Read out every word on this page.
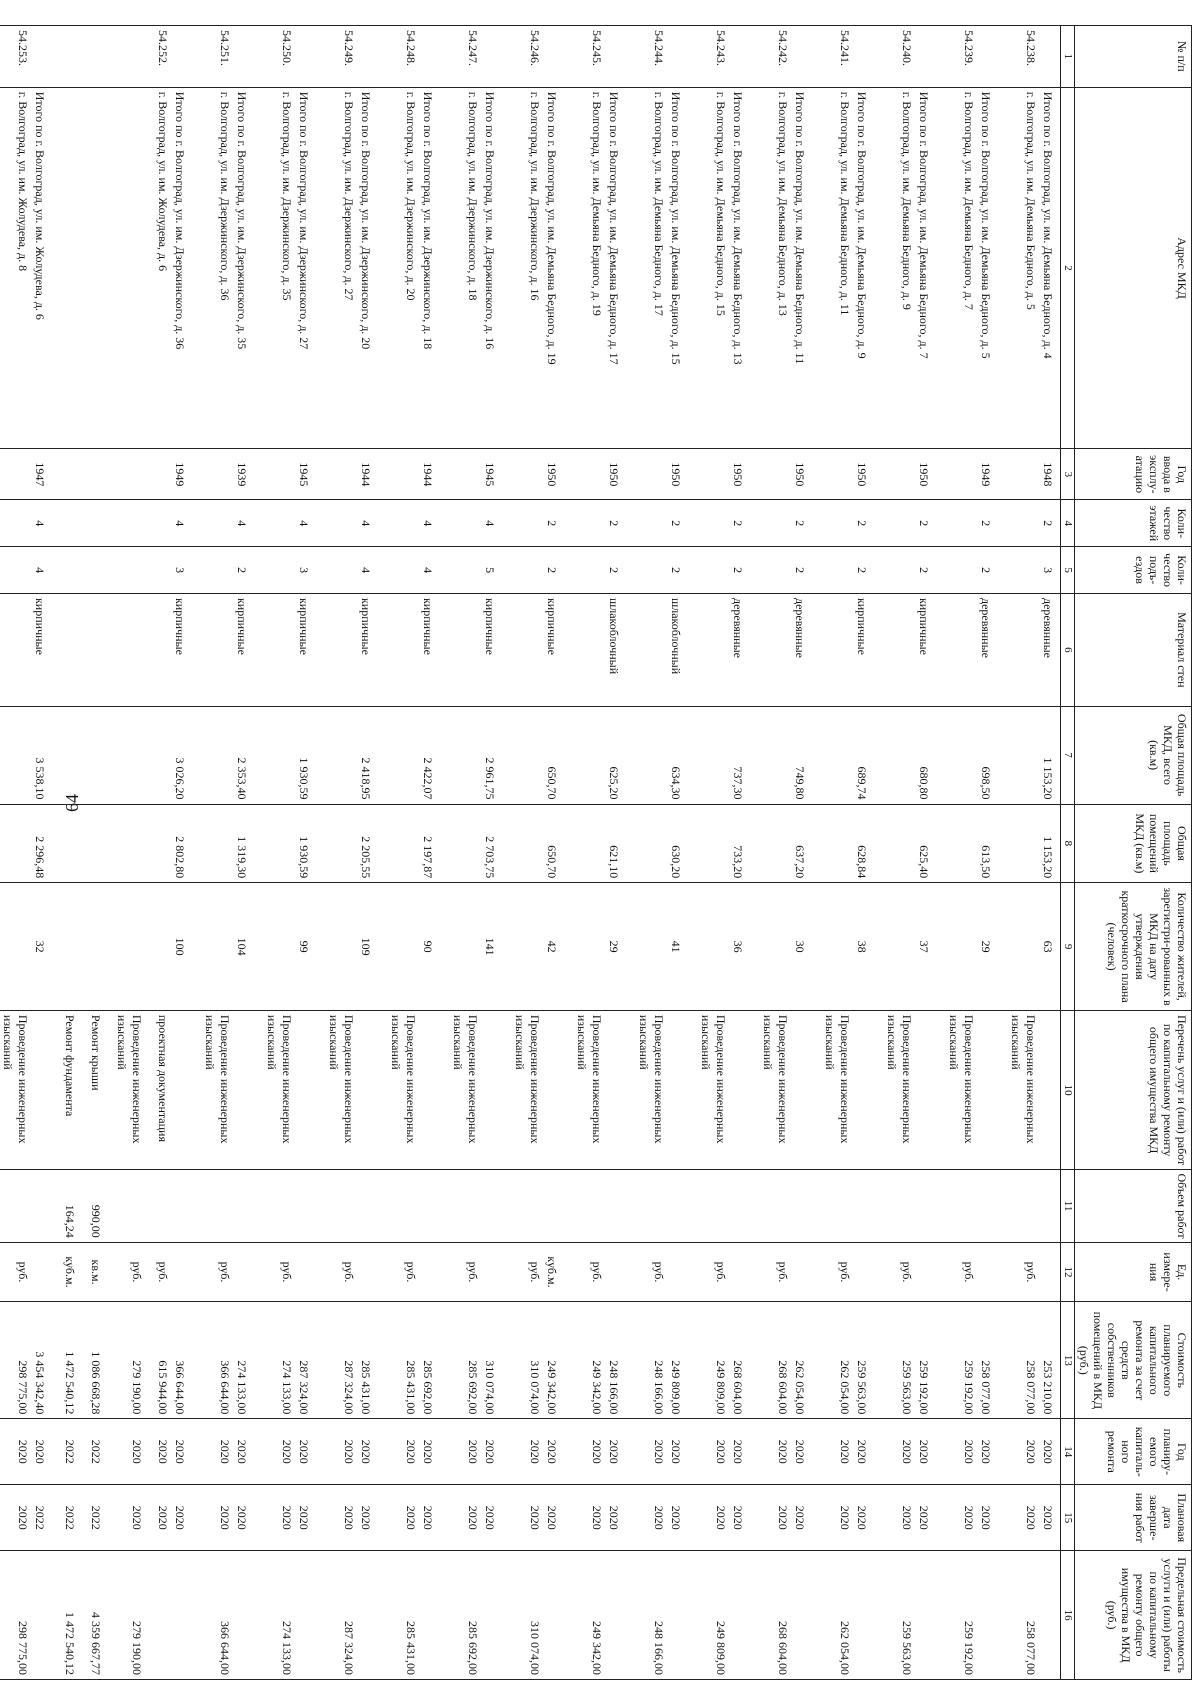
64
№ п/п	Адрес МКД	Год ввода в эксплу-атацию	Коли-чество этажей	Коли-чество подъ-ездов	Материал стен	Общая площадь МКД, всего (кв.м)	Общая площадь помещений МКД (кв.м)	Количество жителей, зарегистри-рованных в МКД на дату утверждения краткосрочного плана (человек)	Перечень услуг и (или) работ по капитальному ремонту общего имущества МКД	Объем работ	Ед. измере-ния	Стоимость планируемого капитального ремонта за счет средств собственников помещений в МКД (руб.)	Год планиру-емого капиталь-ного ремонта	Плановая дата заверше-ния работ	Предельная стоимость услуги и (или) работы по капитальному ремонту общего имущества в МКД (руб.)
1	2	3	4	5	6	7	8	9	10	11	12	13	14	15	16
	Итого по г. Волгоград, ул. им. Демьяна Бедного, д. 4	1948	2	3	деревянные	1 153,20	1 153,20	63				253 210,00	2020	2020	
54.238.	г. Волгоград, ул. им. Демьяна Бедного, д. 5								Проведение инженерных изысканий		руб.	258 077,00	2020	2020	258 077,00
	Итого по г. Волгоград, ул. им. Демьяна Бедного, д. 5	1949	2	2	деревянные	698,50	613,50	29				258 077,00	2020	2020	
54.239.	г. Волгоград, ул. им. Демьяна Бедного, д. 7								Проведение инженерных изысканий		руб.	259 192,00	2020	2020	259 192,00
	Итого по г. Волгоград, ул. им. Демьяна Бедного, д. 7	1950	2	2	кирпичные	680,80	625,40	37				259 192,00	2020	2020	
54.240.	г. Волгоград, ул. им. Демьяна Бедного, д. 9								Проведение инженерных изысканий		руб.	259 563,00	2020	2020	259 563,00
	Итого по г. Волгоград, ул. им. Демьяна Бедного, д. 9	1950	2	2	кирпичные	689,74	628,84	38				259 563,00	2020	2020	
54.241.	г. Волгоград, ул. им. Демьяна Бедного, д. 11								Проведение инженерных изысканий		руб.	262 054,00	2020	2020	262 054,00
	Итого по г. Волгоград, ул. им. Демьяна Бедного, д. 11	1950	2	2	деревянные	749,80	637,20	30				262 054,00	2020	2020	
54.242.	г. Волгоград, ул. им. Демьяна Бедного, д. 13								Проведение инженерных изысканий		руб.	268 604,00	2020	2020	268 604,00
	Итого по г. Волгоград, ул. им. Демьяна Бедного, д. 13	1950	2	2	деревянные	737,30	733,20	36				268 604,00	2020	2020	
54.243.	г. Волгоград, ул. им. Демьяна Бедного, д. 15								Проведение инженерных изысканий		руб.	249 809,00	2020	2020	249 809,00
	Итого по г. Волгоград, ул. им. Демьяна Бедного, д. 15	1950	2	2	шлакоблочный	634,30	630,20	41				249 809,00	2020	2020	
54.244.	г. Волгоград, ул. им. Демьяна Бедного, д. 17								Проведение инженерных изысканий		руб.	248 166,00	2020	2020	248 166,00
	Итого по г. Волгоград, ул. им. Демьяна Бедного, д. 17	1950	2	2	шлакоблочный	625,20	621,10	29				248 166,00	2020	2020	
54.245.	г. Волгоград, ул. им. Демьяна Бедного, д. 19								Проведение инженерных изысканий		руб.	249 342,00	2020	2020	249 342,00
	Итого по г. Волгоград, ул. им. Демьяна Бедного, д. 19	1950	2	2	кирпичные	650,70	650,70	42			куб.м.	249 342,00	2020	2020	
54.246.	г. Волгоград, ул. им. Дзержинского, д. 16								Проведение инженерных изысканий		руб.	310 074,00	2020	2020	310 074,00
	Итого по г. Волгоград, ул. им. Дзержинского, д. 16	1945	4	5	кирпичные	2 961,75	2 703,75	141				310 074,00	2020	2020	
54.247.	г. Волгоград, ул. им. Дзержинского, д. 18								Проведение инженерных изысканий		руб.	285 692,00	2020	2020	285 692,00
	Итого по г. Волгоград, ул. им. Дзержинского, д. 18	1944	4	4	кирпичные	2 422,07	2 197,87	90				285 692,00	2020	2020	
54.248.	г. Волгоград, ул. им. Дзержинского, д. 20								Проведение инженерных изысканий		руб.	285 431,00	2020	2020	285 431,00
	Итого по г. Волгоград, ул. им. Дзержинского, д. 20	1944	4	4	кирпичные	2 418,95	2 205,55	109				285 431,00	2020	2020	
54.249.	г. Волгоград, ул. им. Дзержинского, д. 27								Проведение инженерных изысканий		руб.	287 324,00	2020	2020	287 324,00
	Итого по г. Волгоград, ул. им. Дзержинского, д. 27	1945	4	3	кирпичные	1 930,59	1 930,59	99				287 324,00	2020	2020	
54.250.	г. Волгоград, ул. им. Дзержинского, д. 35								Проведение инженерных изысканий		руб.	274 133,00	2020	2020	274 133,00
	Итого по г. Волгоград, ул. им. Дзержинского, д. 35	1939	4	2	кирпичные	2 353,40	1 319,30	104				274 133,00	2020	2020	
54.251.	г. Волгоград, ул. им. Дзержинского, д. 36								Проведение инженерных изысканий		руб.	366 644,00	2020	2020	366 644,00
	Итого по г. Волгоград, ул. им. Дзержинского, д. 36	1949	4	3	кирпичные	3 026,20	2 802,80	100				366 644,00	2020	2020	
54.252.	г. Волгоград, ул. им. Жолудева, д. 6								проектная документация		руб.	615 944,00	2020	2020	
									Проведение инженерных изысканий		руб.	279 190,00	2020	2020	279 190,00
									Ремонт крыши	990,00	кв.м.	1 086 668,28	2022	2022	4 359 667,77
									Ремонт фундамента	164,24	куб.м.	1 472 540,12	2022	2022	1 472 540,12
	Итого по г. Волгоград, ул. им. Жолудева, д. 6	1947	4	4	кирпичные	3 538,10	2 296,48	32				3 454 342,40	2020	2022	
54.253.	г. Волгоград, ул. им. Жолудева, д. 8								Проведение инженерных изысканий		руб.	298 775,00	2020	2020	298 775,00
